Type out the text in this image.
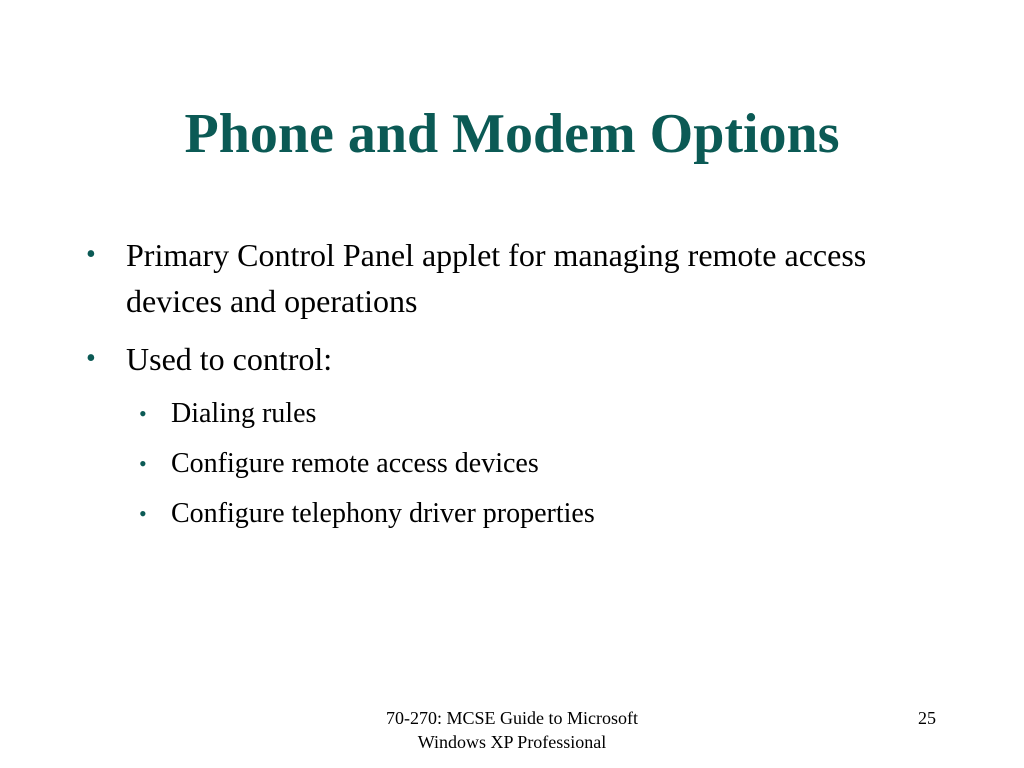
Phone and Modem Options
• Primary Control Panel applet for managing remote access devices and operations
• Used to control:
• Dialing rules
• Configure remote access devices
• Configure telephony driver properties
70-270: MCSE Guide to Microsoft
Windows XP Professional
25
